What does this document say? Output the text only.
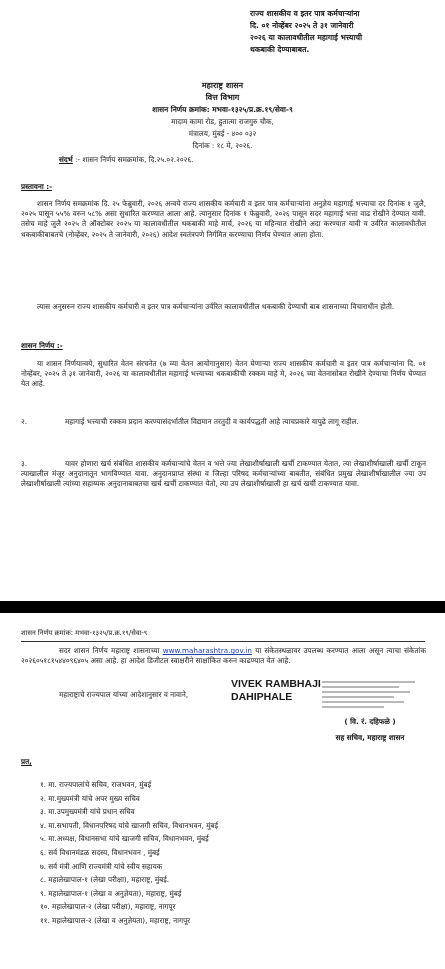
राज्य शासकीय व इतर पात्र कर्मचाऱ्यांना
दि. ०१ नोव्हेंबर २०२५ ते ३१ जानेवारी
२०२६ या कालावधीतील महागाई भत्त्याची
थकबाकी देण्याबाबत.
महाराष्ट्र शासन
वित्त विभाग
शासन निर्णय क्रमांक: मभवा-१३२५/प्र.क्र.१९/सेवा-९
मादाम कामा रोड, हुतात्मा राजगुरु चौक,
मंत्रालय, मुंबई - ४०० ०३२
दिनांक : १८ मे, २०२६.
संदर्भ :- शासन निर्णय समक्रमांक, दि.२५.०२.२०२६.
प्रस्तावना :-
शासन निर्णय समक्रमांक दि. २५ फेब्रुवारी, २०२६ अन्वये राज्य शासकीय कर्मचारी व इतर पात्र कर्मचाऱ्यांना अनुज्ञेय महागाई भत्त्याचा दर दिनांक १ जुलै, २०२५ पासून ५५% वरुन ५८% असा सुधारित करण्यात आला आहे. त्यानुसार दिनांक १ फेब्रुवारी, २०२६ पासून सदर महागाई भत्ता वाढ रोखीने देण्यात यावी. तसेच माहे जुलै २०२५ ते ऑक्टोबर २०२५ या कालावधीतील थकबाकी माहे मार्च, २०२६ या महिन्यात रोखीने अदा करण्यात यावी व उर्वरित कालावधीतील थकबाकीबाबतचे (नोव्हेंबर, २०२५ ते जानेवारी, २०२६) आदेश स्वतंत्रपणे निर्गमित करण्याचा निर्णय घेण्यात आला होता.
त्यास अनुसरुन राज्य शासकीय कर्मचारी व इतर पात्र कर्मचाऱ्यांना उर्वरित कालावधीतील थकबाकी देण्याची बाब शासनाच्या विचाराधीन होती.
शासन निर्णय :-
या शासन निर्णयान्वये, सुधारित वेतन संरचनेत (७ व्या वेतन आयोगानुसार) वेतन घेणाऱ्या राज्य शासकीय कर्मचारी व इतर पात्र कर्मचाऱ्यांना दि. ०१ नोव्हेंबर, २०२५ ते ३१ जानेवारी, २०२६ या कालावधीतील महागाई भत्त्याच्या थकबाकीची रक्कम माहे मे, २०२६ च्या वेतनासोबत रोखीने देण्याचा निर्णय घेण्यात येत आहे.
२.	महागाई भत्त्याची रक्कम प्रदान करण्यासंदर्भातील विद्यमान तरतुदी व कार्यपद्धती आहे त्याचप्रकारे यापुढे लागू राहील.
३.	यावर होणारा खर्च संबंधित शासकीय कर्मचाऱ्यांचे वेतन व भत्ते ज्या लेखाशीर्षाखाली खर्ची टाकण्यात येतात, त्या लेखाशीर्षाखाली खर्ची टाकून त्याखालील मंजूर अनुदानातून भागविण्यात यावा. अनुदानप्राप्त संस्था व जिल्हा परिषद कर्मचाऱ्यांच्या बाबतीत, संबंधित प्रमुख लेखाशीर्षाखालील ज्या उप लेखाशीर्षाखाली त्यांच्या सहाय्यक अनुदानाबाबतचा खर्च खर्ची टाकण्यात येतो, त्या उप लेखाशीर्षाखाली हा खर्च खर्ची टाकण्यात यावा.
शासन निर्णय क्रमांक: मभवा-१३२५/प्र.क्र.१९/सेवा-९
सदर शासन निर्णय महाराष्ट्र शासनाच्या www.maharashtra.gov.in या संकेतस्थळावर उपलब्ध करण्यात आला असून त्याचा संकेतांक २०२६०५१८१५४४०९६४०५ असा आहे. हा आदेश डिजीटल स्वाक्षरीने साक्षांकित करुन काढण्यात येत आहे.
महाराष्ट्राचे राज्यपाल यांच्या आदेशानुसार व नावाने,
VIVEK RAMBHAJI
DAHIPHALE
( वि. रं. दहिफळे )
सह सचिव, महाराष्ट्र शासन
प्रत,
१. मा. राज्यपालांचे सचिव, राजभवन, मुंबई
२. मा.मुख्यमंत्री यांचे अपर मुख्य सचिव
३. मा.उपमुख्यमंत्री यांचे प्रधान सचिव
४. मा.सभापती, विधानपरिषद यांचे खाजगी सचिव, विधानभवन, मुंबई
५. मा.अध्यक्ष, विधानसभा यांचे खाजगी सचिव, विधानभवन, मुंबई
६. सर्व विधानमंडळ सदस्य, विधानभवन , मुंबई
७. सर्व मंत्री आणि राज्यमंत्री यांचे स्वीय सहायक
८. महालेखापाल-१ (लेखा परीक्षा), महाराष्ट्र, मुंबई.
९. महालेखापाल-१ (लेखा व अनुज्ञेयता), महाराष्ट्र, मुंबई
१०. महालेखापाल-२ (लेखा परीक्षा), महाराष्ट्र, नागपूर
११. महालेखापाल-२ (लेखा व अनुज्ञेयता), महाराष्ट्र, नागपूर
